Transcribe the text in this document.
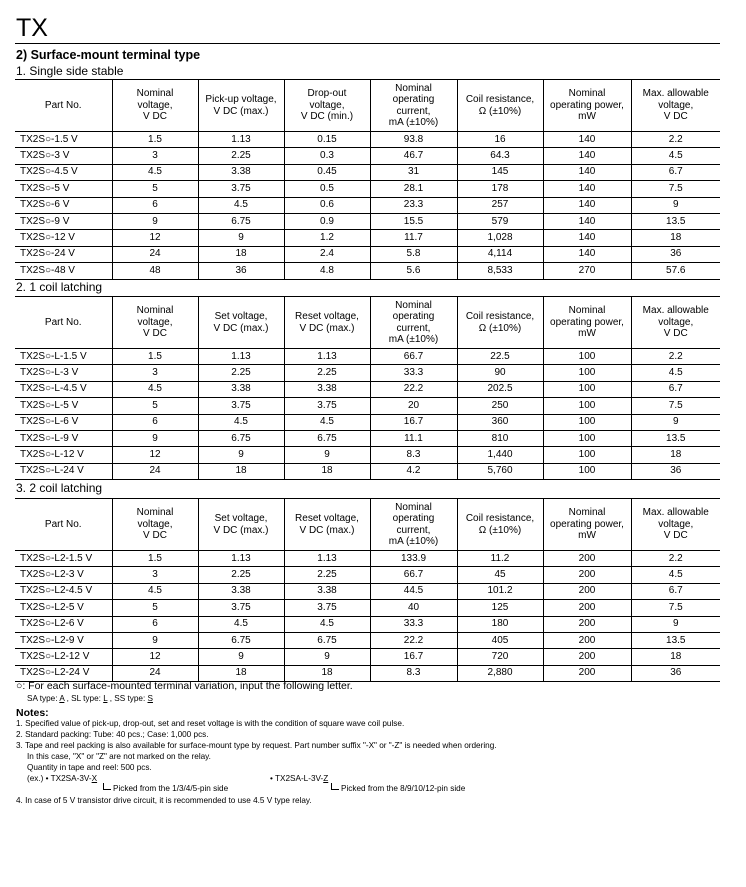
TX
2) Surface-mount terminal type
1. Single side stable
Part No.	Nominal
voltage,
V DC	Pick-up voltage,
V DC (max.)	Drop-out
voltage,
V DC (min.)	Nominal
operating
current,
mA (±10%)	Coil resistance,
Ω (±10%)	Nominal
operating power,
mW	Max. allowable
voltage,
V DC
TX2S○-1.5 V	1.5	1.13	0.15	93.8	16	140	2.2
TX2S○-3 V	3	2.25	0.3	46.7	64.3	140	4.5
TX2S○-4.5 V	4.5	3.38	0.45	31	145	140	6.7
TX2S○-5 V	5	3.75	0.5	28.1	178	140	7.5
TX2S○-6 V	6	4.5	0.6	23.3	257	140	9
TX2S○-9 V	9	6.75	0.9	15.5	579	140	13.5
TX2S○-12 V	12	9	1.2	11.7	1,028	140	18
TX2S○-24 V	24	18	2.4	5.8	4,114	140	36
TX2S○-48 V	48	36	4.8	5.6	8,533	270	57.6
2. 1 coil latching
Part No.	Nominal
voltage,
V DC	Set voltage,
V DC (max.)	Reset voltage,
V DC (max.)	Nominal
operating
current,
mA (±10%)	Coil resistance,
Ω (±10%)	Nominal
operating power,
mW	Max. allowable
voltage,
V DC
TX2S○-L-1.5 V	1.5	1.13	1.13	66.7	22.5	100	2.2
TX2S○-L-3 V	3	2.25	2.25	33.3	90	100	4.5
TX2S○-L-4.5 V	4.5	3.38	3.38	22.2	202.5	100	6.7
TX2S○-L-5 V	5	3.75	3.75	20	250	100	7.5
TX2S○-L-6 V	6	4.5	4.5	16.7	360	100	9
TX2S○-L-9 V	9	6.75	6.75	11.1	810	100	13.5
TX2S○-L-12 V	12	9	9	8.3	1,440	100	18
TX2S○-L-24 V	24	18	18	4.2	5,760	100	36
3. 2 coil latching
Part No.	Nominal
voltage,
V DC	Set voltage,
V DC (max.)	Reset voltage,
V DC (max.)	Nominal
operating
current,
mA (±10%)	Coil resistance,
Ω (±10%)	Nominal
operating power,
mW	Max. allowable
voltage,
V DC
TX2S○-L2-1.5 V	1.5	1.13	1.13	133.9	11.2	200	2.2
TX2S○-L2-3 V	3	2.25	2.25	66.7	45	200	4.5
TX2S○-L2-4.5 V	4.5	3.38	3.38	44.5	101.2	200	6.7
TX2S○-L2-5 V	5	3.75	3.75	40	125	200	7.5
TX2S○-L2-6 V	6	4.5	4.5	33.3	180	200	9
TX2S○-L2-9 V	9	6.75	6.75	22.2	405	200	13.5
TX2S○-L2-12 V	12	9	9	16.7	720	200	18
TX2S○-L2-24 V	24	18	18	8.3	2,880	200	36
○: For each surface-mounted terminal variation, input the following letter.
SA type: A , SL type: L , SS type: S
Notes:
1. Specified value of pick-up, drop-out, set and reset voltage is with the condition of square wave coil pulse.
2. Standard packing: Tube: 40 pcs.; Case: 1,000 pcs.
3. Tape and reel packing is also available for surface-mount type by request. Part number suffix "-X" or "-Z" is needed when ordering.
In this case, "X" or "Z" are not marked on the relay.
Quantity in tape and reel: 500 pcs.
(ex.) • TX2SA-3V-X
Picked from the 1/3/4/5-pin side
• TX2SA-L-3V-Z
Picked from the 8/9/10/12-pin side
4. In case of 5 V transistor drive circuit, it is recommended to use 4.5 V type relay.
